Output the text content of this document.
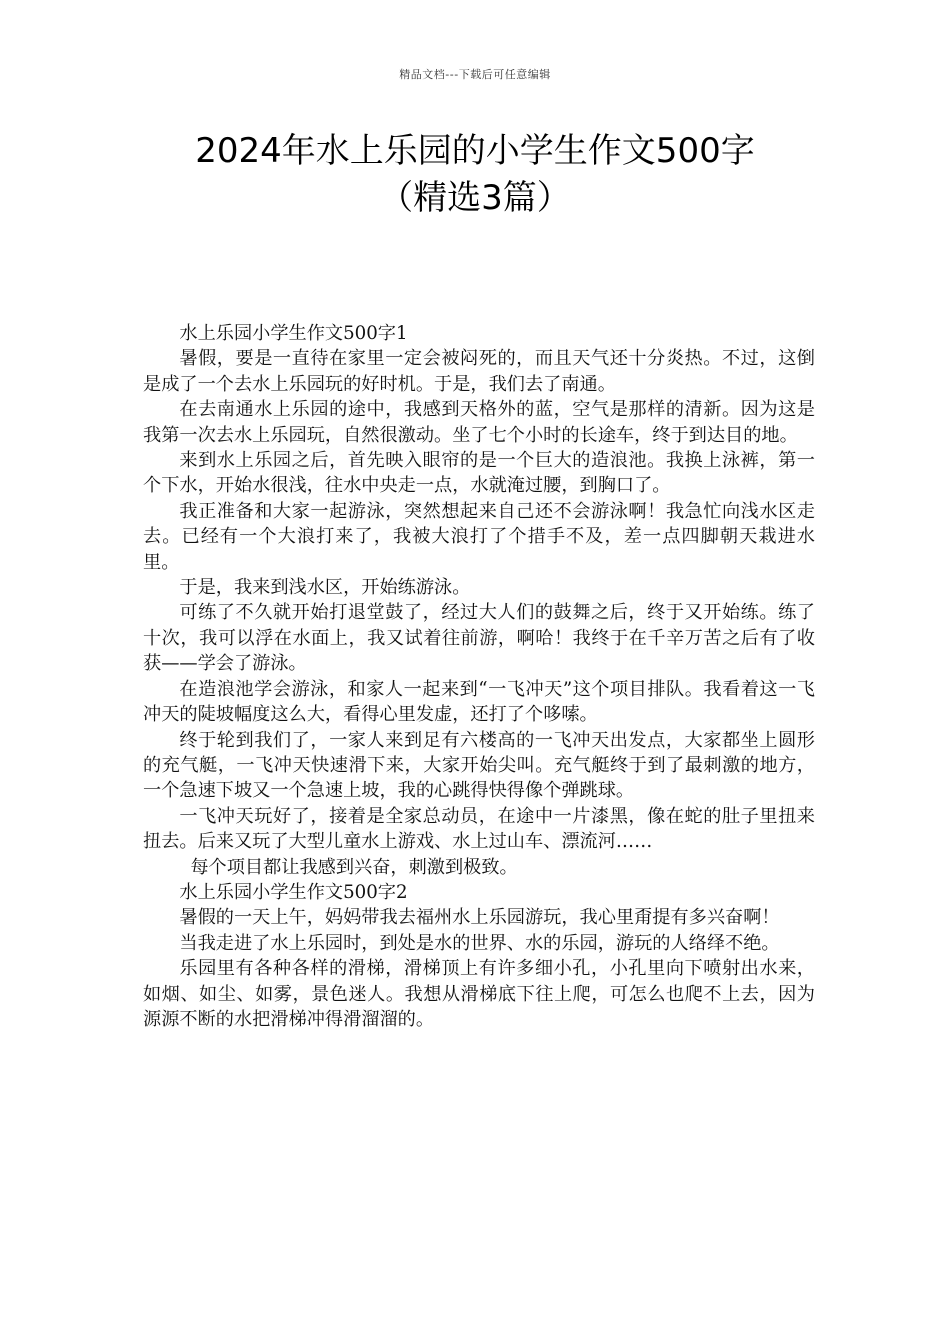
精品文档---下载后可任意编辑
2024年水上乐园的小学生作文500字
（精选3篇）

水上乐园小学生作文500字1

暑假，要是一直待在家里一定会被闷死的，而且天气还十分炎热。不过，这倒是成了一个去水上乐园玩的好时机。于是，我们去了南通。

在去南通水上乐园的途中，我感到天格外的蓝，空气是那样的清新。因为这是我第一次去水上乐园玩，自然很激动。坐了七个小时的长途车，终于到达目的地。

来到水上乐园之后，首先映入眼帘的是一个巨大的造浪池。我换上泳裤，第一个下水，开始水很浅，往水中央走一点，水就淹过腰，到胸口了。

我正准备和大家一起游泳，突然想起来自己还不会游泳啊！我急忙向浅水区走去。已经有一个大浪打来了，我被大浪打了个措手不及，差一点四脚朝天栽进水里。

于是，我来到浅水区，开始练游泳。

可练了不久就开始打退堂鼓了，经过大人们的鼓舞之后，终于又开始练。练了十次，我可以浮在水面上，我又试着往前游，啊哈！我终于在千辛万苦之后有了收获——学会了游泳。

在造浪池学会游泳，和家人一起来到“一飞冲天”这个项目排队。我看着这一飞冲天的陡坡幅度这么大，看得心里发虚，还打了个哆嗦。

终于轮到我们了，一家人来到足有六楼高的一飞冲天出发点，大家都坐上圆形的充气艇，一飞冲天快速滑下来，大家开始尖叫。充气艇终于到了最刺激的地方，一个急速下坡又一个急速上坡，我的心跳得快得像个弹跳球。

一飞冲天玩好了，接着是全家总动员，在途中一片漆黑，像在蛇的肚子里扭来扭去。后来又玩了大型儿童水上游戏、水上过山车、漂流河……

每个项目都让我感到兴奋，刺激到极致。

水上乐园小学生作文500字2

暑假的一天上午，妈妈带我去福州水上乐园游玩，我心里甭提有多兴奋啊！

当我走进了水上乐园时，到处是水的世界、水的乐园，游玩的人络绎不绝。

乐园里有各种各样的滑梯，滑梯顶上有许多细小孔，小孔里向下喷射出水来，如烟、如尘、如雾，景色迷人。我想从滑梯底下往上爬，可怎么也爬不上去，因为源源不断的水把滑梯冲得滑溜溜的。
